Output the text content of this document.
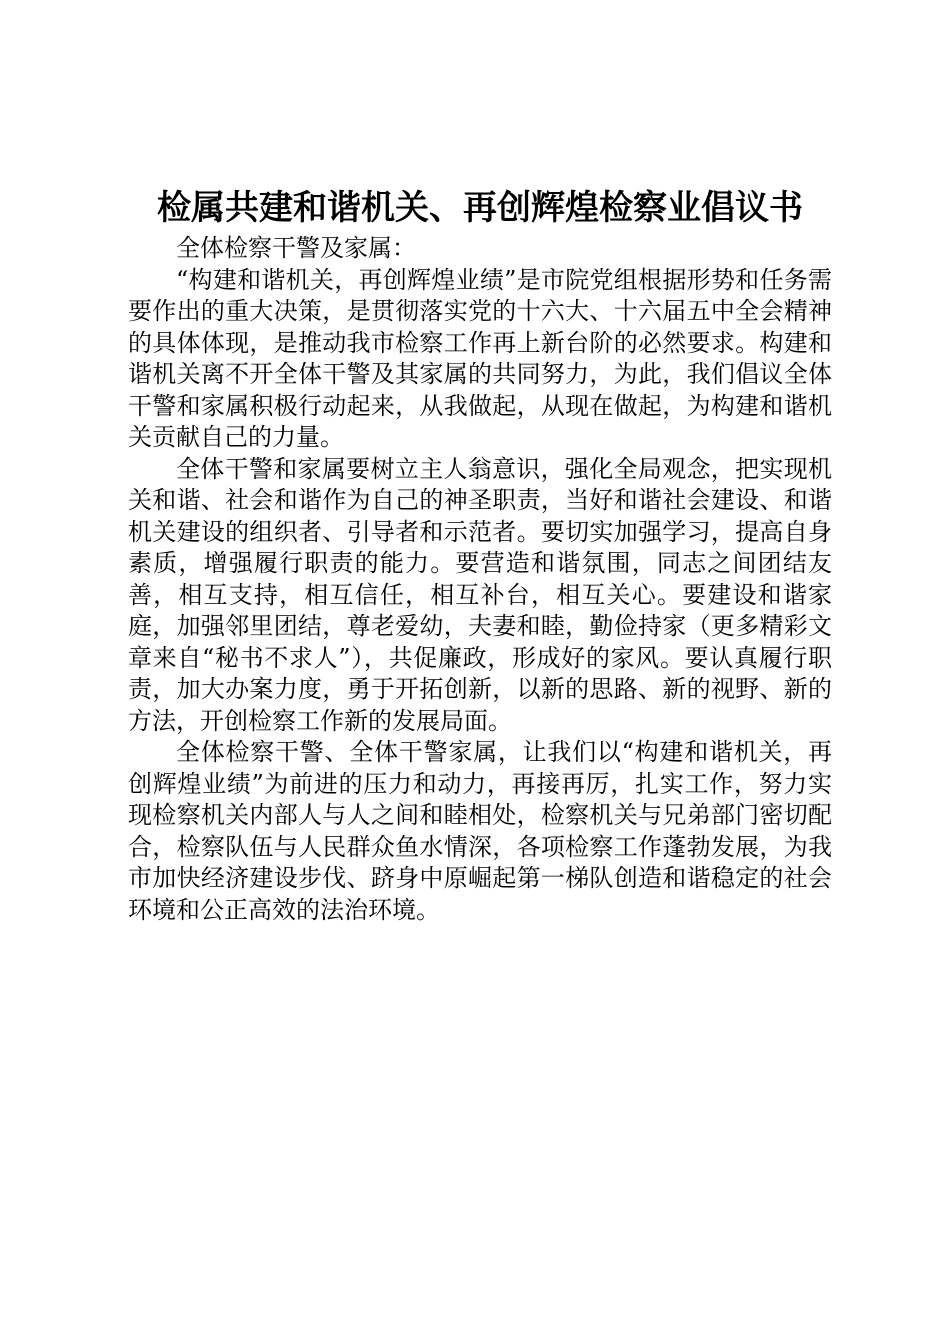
检属共建和谐机关、再创辉煌检察业倡议书
全体检察干警及家属：

“构建和谐机关，再创辉煌业绩”是市院党组根据形势和任务需要作出的重大决策，是贯彻落实党的十六大、十六届五中全会精神的具体体现，是推动我市检察工作再上新台阶的必然要求。构建和谐机关离不开全体干警及其家属的共同努力，为此，我们倡议全体干警和家属积极行动起来，从我做起，从现在做起，为构建和谐机关贡献自己的力量。

全体干警和家属要树立主人翁意识，强化全局观念，把实现机关和谐、社会和谐作为自己的神圣职责，当好和谐社会建设、和谐机关建设的组织者、引导者和示范者。要切实加强学习，提高自身素质，增强履行职责的能力。要营造和谐氛围，同志之间团结友善，相互支持，相互信任，相互补台，相互关心。要建设和谐家庭，加强邻里团结，尊老爱幼，夫妻和睦，勤俭持家（更多精彩文章来自“秘书不求人”），共促廉政，形成好的家风。要认真履行职责，加大办案力度，勇于开拓创新，以新的思路、新的视野、新的方法，开创检察工作新的发展局面。

全体检察干警、全体干警家属，让我们以“构建和谐机关，再创辉煌业绩”为前进的压力和动力，再接再厉，扎实工作，努力实现检察机关内部人与人之间和睦相处，检察机关与兄弟部门密切配合，检察队伍与人民群众鱼水情深，各项检察工作蓬勃发展，为我市加快经济建设步伐、跻身中原崛起第一梯队创造和谐稳定的社会环境和公正高效的法治环境。
